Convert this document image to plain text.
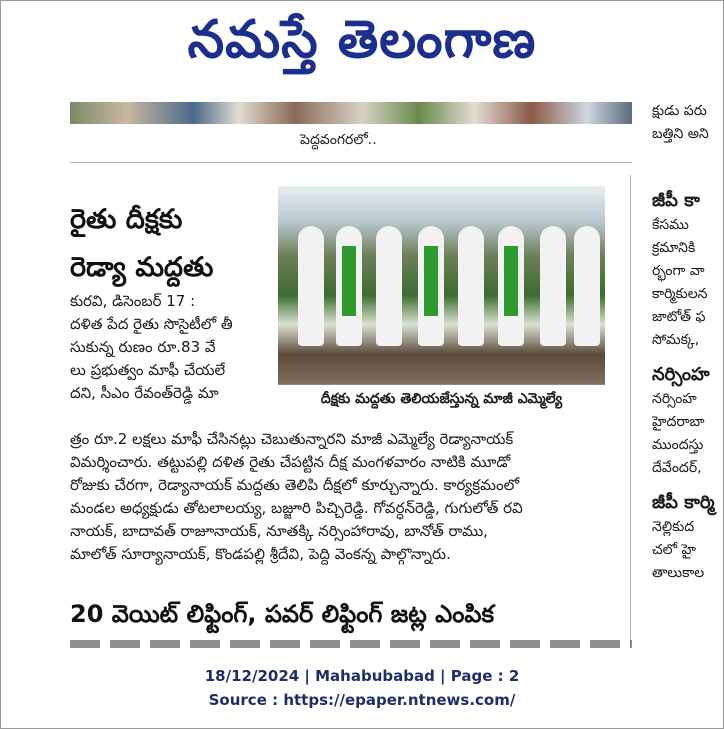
నమస్తే తెలంగాణ
పెద్దవంగరలో..
క్షుడు పరు
బత్తిని అని
జీపీ కా
కేసము
క్రమానికి
ర్భంగా వా
కార్మికులన
జాటోత్ ఫ
సోమక్క,
నర్సింహ
నర్సింహ
హైదరాబా
ముందస్తు
దేవేందర్,
జీపీ కార్మి
నెల్లికుద
చలో హై
తాలుకాల
రైతు దీక్షకు
రెడ్యా మద్దతు
దీక్షకు మద్దతు తెలియజేస్తున్న మాజీ ఎమ్మెల్యే
కురవి, డిసెంబర్ 17 :
దళిత పేద రైతు సొసైటీలో తీ
సుకున్న రుణం రూ.83 వే
లు ప్రభుత్వం మాఫీ చేయలే
దని, సీఎం రేవంత్‌రెడ్డి మా
త్రం రూ.2 లక్షలు మాఫీ చేసినట్లు చెబుతున్నారని మాజీ ఎమ్మెల్యే రెడ్యానాయక్
విమర్శించారు. తట్టుపల్లి దళిత రైతు చేపట్టిన దీక్ష మంగళవారం నాటికి మూడో
రోజుకు చేరగా, రెడ్యానాయక్ మద్దతు తెలిపి దీక్షలో కూర్చున్నారు. కార్యక్రమంలో
మండల అధ్యక్షుడు తోటలాలయ్య, బజ్జూరి పిచ్చిరెడ్డి. గోవర్ధన్‌రెడ్డి, గుగులోత్ రవి
నాయక్, బాదావత్ రాజూనాయక్, నూతక్కి నర్సింహారావు, బానోత్ రాము,
మాలోత్ సూర్యానాయక్, కొండపల్లి శ్రీదేవి, పెద్ది వెంకన్న పాల్గొన్నారు.
20 వెయిట్ లిఫ్టింగ్, పవర్ లిఫ్టింగ్ జట్ల ఎంపిక
18/12/2024 | Mahabubabad | Page : 2
Source : https://epaper.ntnews.com/
